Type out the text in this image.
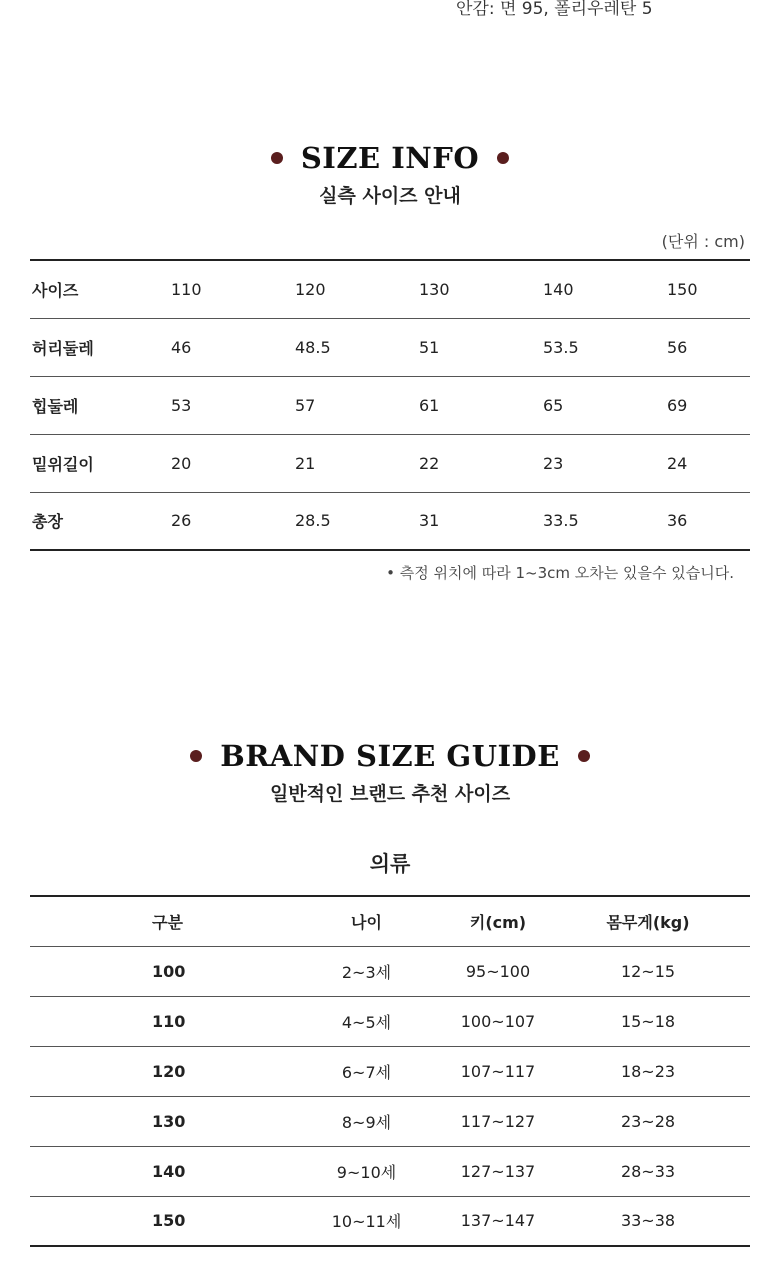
안감: 면 95, 폴리우레탄 5
SIZE INFO
실측 사이즈 안내
(단위 : cm)
사이즈	110	120	130	140	150
허리둘레	46	48.5	51	53.5	56
힙둘레	53	57	61	65	69
밑위길이	20	21	22	23	24
총장	26	28.5	31	33.5	36
• 측정 위치에 따라 1~3cm 오차는 있을수 있습니다.
BRAND SIZE GUIDE
일반적인 브랜드 추천 사이즈
의류
구분	나이	키(cm)	몸무게(kg)	
100	2~3세	95~100	12~15	
110	4~5세	100~107	15~18	
120	6~7세	107~117	18~23	
130	8~9세	117~127	23~28	
140	9~10세	127~137	28~33	
150	10~11세	137~147	33~38	
